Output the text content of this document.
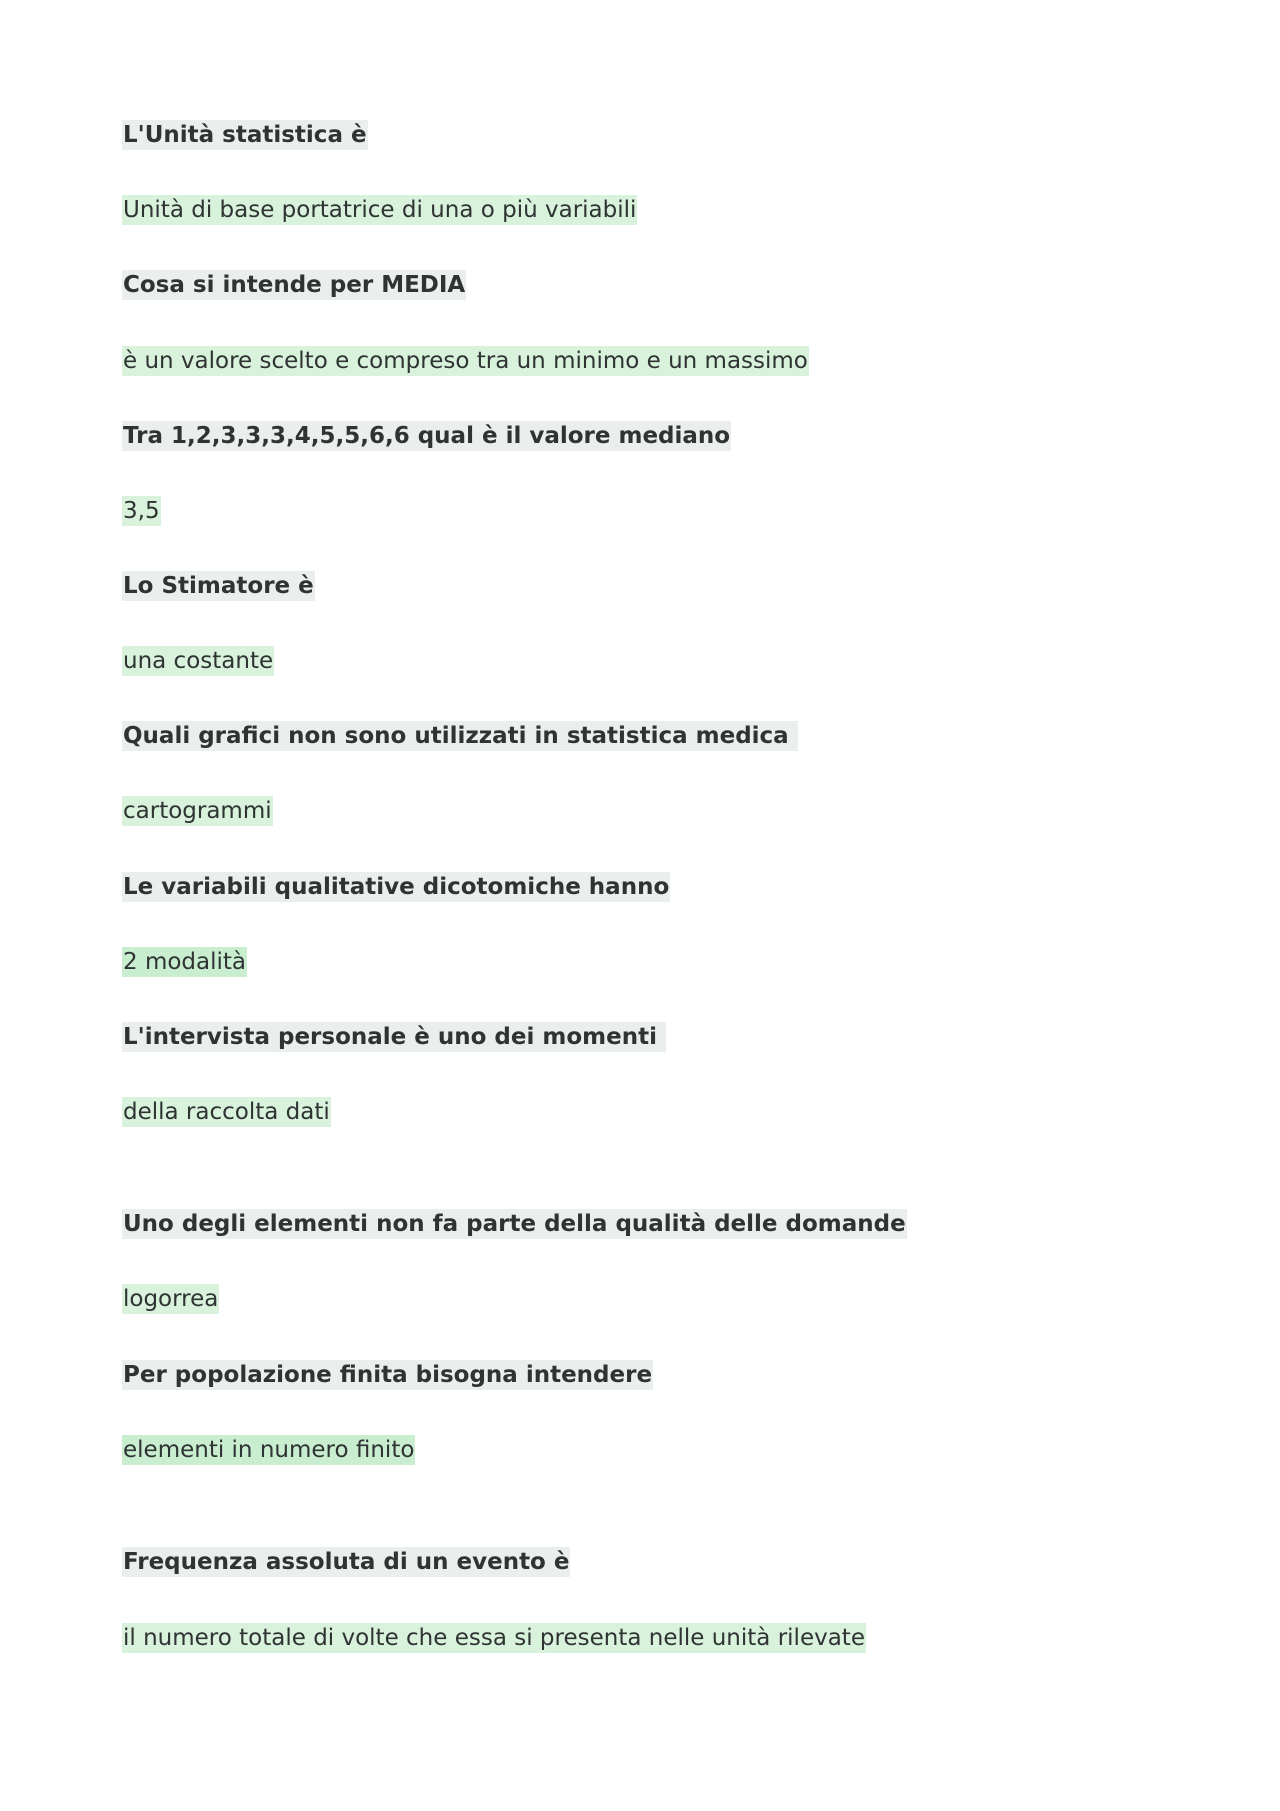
L'Unità statistica è
Unità di base portatrice di una o più variabili
Cosa si intende per MEDIA
è un valore scelto e compreso tra un minimo e un massimo
Tra 1,2,3,3,3,4,5,5,6,6 qual è il valore mediano
3,5
Lo Stimatore è
una costante
Quali grafici non sono utilizzati in statistica medica
cartogrammi
Le variabili qualitative dicotomiche hanno
2 modalità
L'intervista personale è uno dei momenti
della raccolta dati
Uno degli elementi non fa parte della qualità delle domande
logorrea
Per popolazione finita bisogna intendere
elementi in numero finito
Frequenza assoluta di un evento è
il numero totale di volte che essa si presenta nelle unità rilevate
